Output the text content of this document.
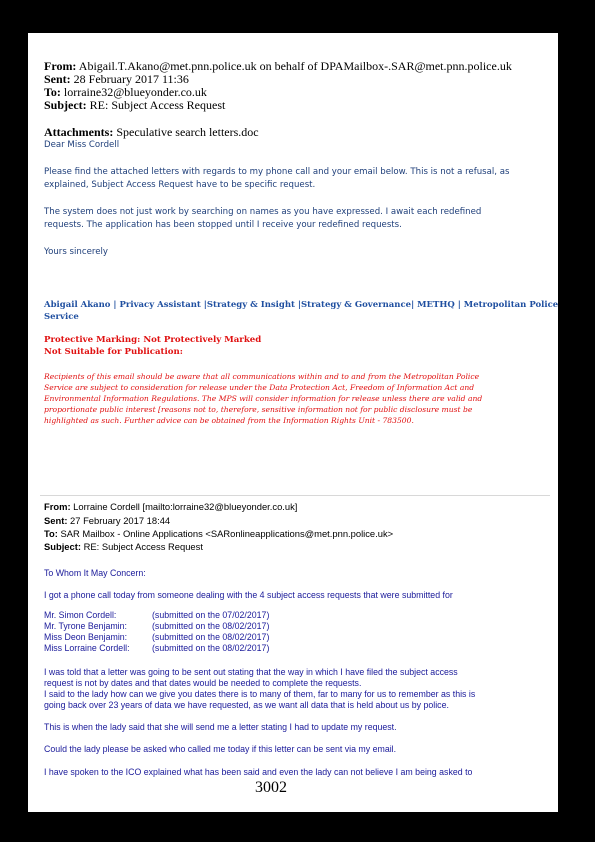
From: Abigail.T.Akano@met.pnn.police.uk on behalf of DPAMailbox-.SAR@met.pnn.police.uk
Sent: 28 February 2017 11:36
To: lorraine32@blueyonder.co.uk
Subject: RE: Subject Access Request
Attachments: Speculative search letters.doc
Dear Miss Cordell
Please find the attached letters with regards to my phone call and your email below. This is not a refusal, as
explained, Subject Access Request have to be specific request.
The system does not just work by searching on names as you have expressed. I await each redefined
requests. The application has been stopped until I receive your redefined requests.
Yours sincerely
Abigail Akano | Privacy Assistant |Strategy & Insight |Strategy & Governance| METHQ | Metropolitan Police
Service
Protective Marking: Not Protectively Marked
Not Suitable for Publication:
Recipients of this email should be aware that all communications within and to and from the Metropolitan Police
Service are subject to consideration for release under the Data Protection Act, Freedom of Information Act and
Environmental Information Regulations. The MPS will consider information for release unless there are valid and
proportionate public interest [reasons not to, therefore, sensitive information not for public disclosure must be
highlighted as such. Further advice can be obtained from the Information Rights Unit - 783500.
From: Lorraine Cordell [mailto:lorraine32@blueyonder.co.uk]
Sent: 27 February 2017 18:44
To: SAR Mailbox - Online Applications <SARonlineapplications@met.pnn.police.uk>
Subject: RE: Subject Access Request
To Whom It May Concern:
I got a phone call today from someone dealing with the 4 subject access requests that were submitted for
Mr. Simon Cordell:	(submitted on the 07/02/2017)
Mr. Tyrone Benjamin:	(submitted on the 08/02/2017)
Miss Deon Benjamin:	(submitted on the 08/02/2017)
Miss Lorraine Cordell:	(submitted on the 08/02/2017)
I was told that a letter was going to be sent out stating that the way in which I have filed the subject access
request is not by dates and that dates would be needed to complete the requests.
I said to the lady how can we give you dates there is to many of them, far to many for us to remember as this is
going back over 23 years of data we have requested, as we want all data that is held about us by police.
This is when the lady said that she will send me a letter stating I had to update my request.
Could the lady please be asked who called me today if this letter can be sent via my email.
I have spoken to the ICO explained what has been said and even the lady can not believe I am being asked to
3002
